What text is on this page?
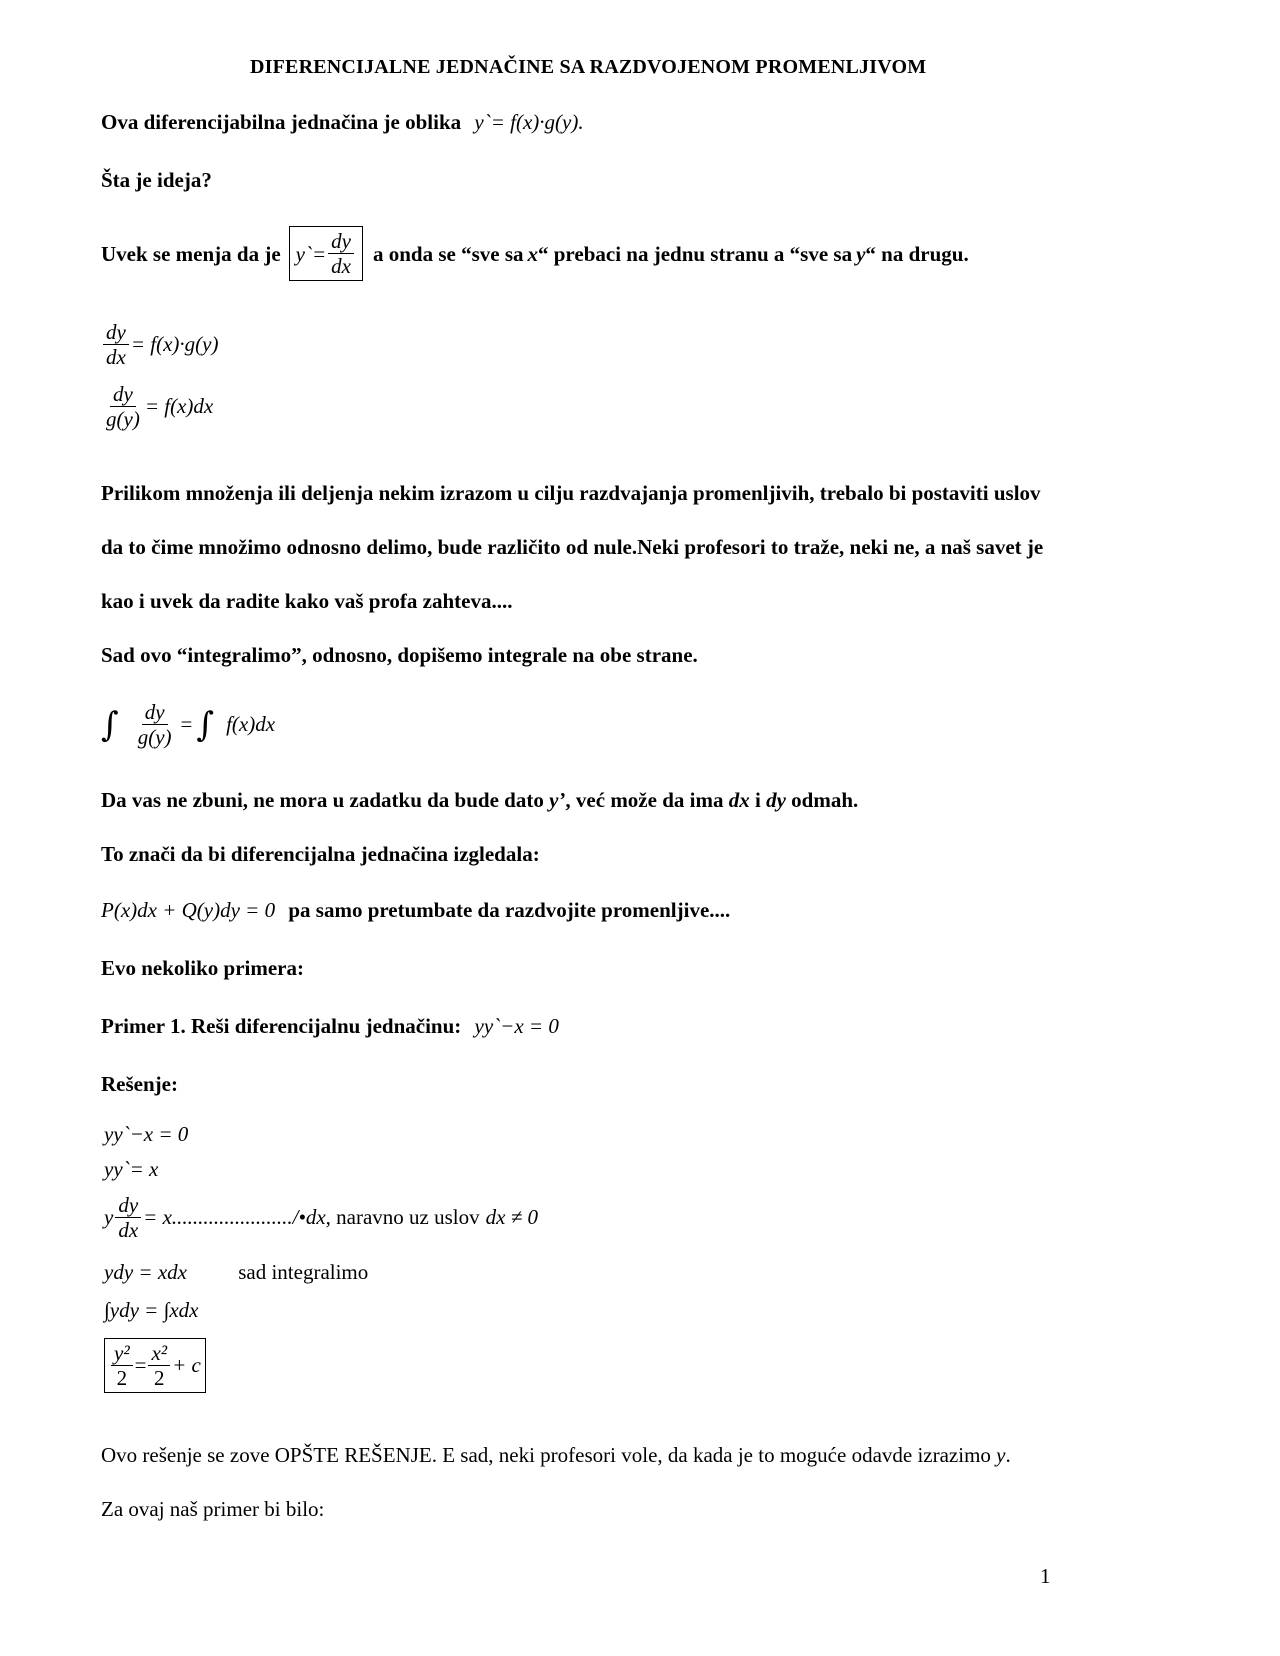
DIFERENCIJALNE JEDNAČINE SA RAZDVOJENOM PROMENLJIVOM
Ova diferencijabilna jednačina je oblika y`= f(x)·g(y).
Šta je ideja?
Uvek se menja da je y`= $\frac{dy}{dx}$ a onda se “sve sa x “ prebaci na jednu stranu a “sve sa y “ na drugu.
$\frac{dy}{dx} = f(x)\cdot g(y)$
$\frac{dy}{g(y)} = f(x)dx$
Prilikom množenja ili deljenja nekim izrazom u cilju razdvajanja promenljivih, trebalo bi postaviti uslov
da to čime množimo odnosno delimo, bude različito od nule.Neki profesori to traže, neki ne, a naš savet je
kao i uvek da radite kako vaš profa zahteva....
Sad ovo “integralimo”, odnosno, dopišemo integrale na obe strane.
∫ $\frac{dy}{g(y)}$ = ∫ f(x)dx
Da vas ne zbuni, ne mora u zadatku da bude dato y’, već može da ima dx i dy odmah.
To znači da bi diferencijalna jednačina izgledala:
P(x)dx + Q(y)dy = 0 pa samo pretumbate da razdvojite promenljive....
Evo nekoliko primera:
Primer 1. Reši diferencijalnu jednačinu: yy`−x = 0
Rešenje:
yy`−x = 0
yy`= x
y $\frac{dy}{dx}$ = x......................./•dx , naravno uz uslov dx ≠ 0
ydy = xdx sad integralimo
∫ydy = ∫xdx
$\frac{\text{y²}}{2} = \frac{\text{x²}}{2} + c$
Ovo rešenje se zove OPŠTE REŠENJE. E sad, neki profesori vole, da kada je to moguće odavde izrazimo y.
Za ovaj naš primer bi bilo:
1
